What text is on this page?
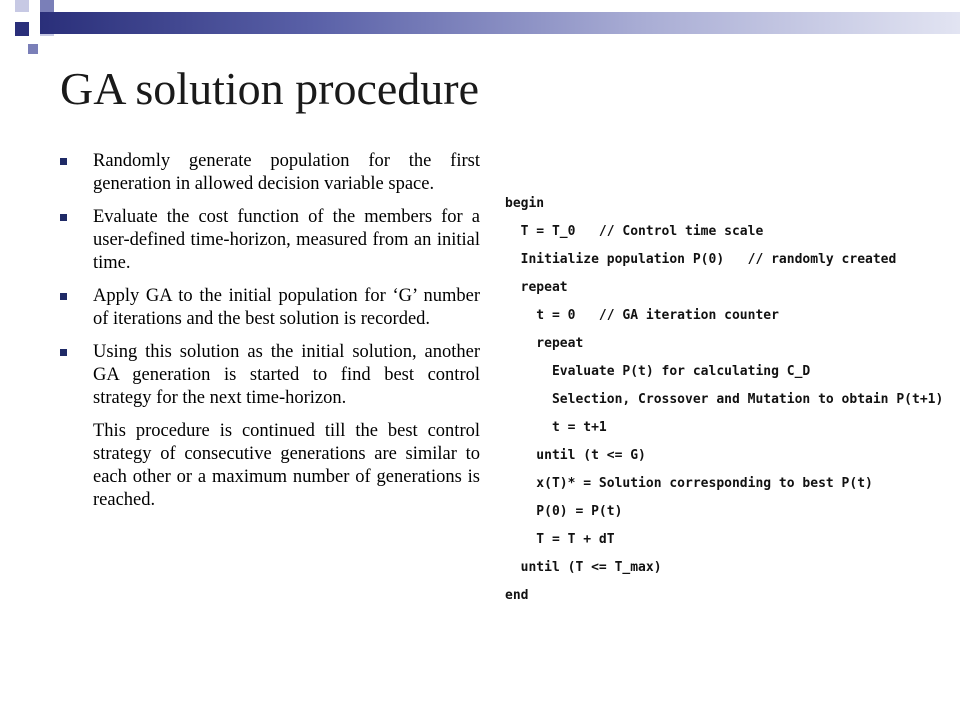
GA solution procedure
Randomly generate population for the first generation in allowed decision variable space.
Evaluate the cost function of the members for a user-defined time-horizon, measured from an initial time.
Apply GA to the initial population for ‘G’ number of iterations and the best solution is recorded.
Using this solution as the initial solution, another GA generation is started to find best control strategy for the next time-horizon.
This procedure is continued till the best control strategy of consecutive generations are similar to each other or a maximum number of generations is reached.
begin
T = T_0   // Control time scale
Initialize population P(0)   // randomly created
repeat
t = 0   // GA iteration counter
repeat
Evaluate P(t) for calculating C_D
Selection, Crossover and Mutation to obtain P(t+1)
t = t+1
until (t <= G)
x(T)* = Solution corresponding to best P(t)
P(0) = P(t)
T = T + dT
until (T <= T_max)
end
